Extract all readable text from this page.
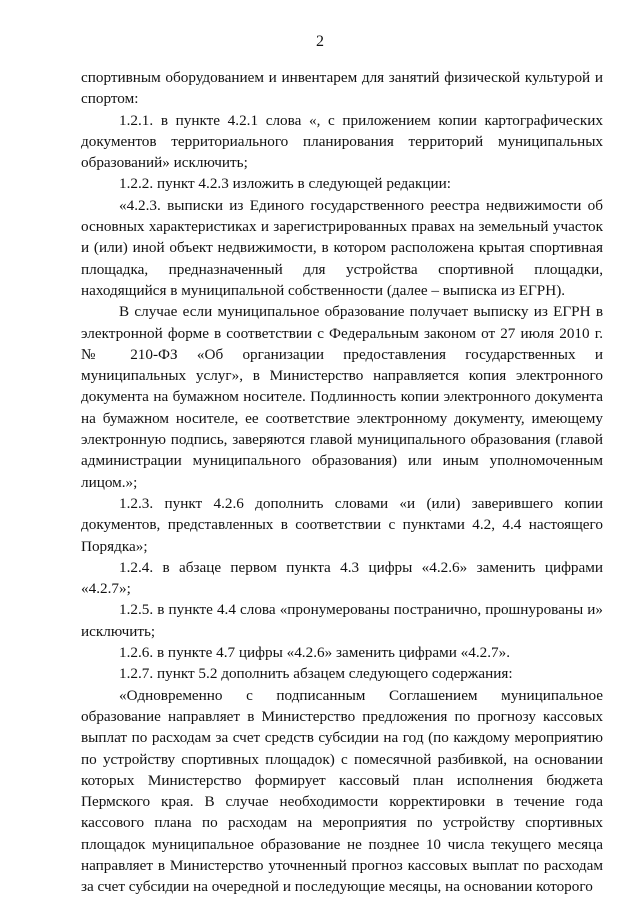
2

спортивным оборудованием и инвентарем для занятий физической культурой и спортом:

1.2.1. в пункте 4.2.1 слова «, с приложением копии картографических документов территориального планирования территорий муниципальных образований» исключить;

1.2.2. пункт 4.2.3 изложить в следующей редакции:

«4.2.3. выписки из Единого государственного реестра недвижимости об основных характеристиках и зарегистрированных правах на земельный участок и (или) иной объект недвижимости, в котором расположена крытая спортивная площадка, предназначенный для устройства спортивной площадки, находящийся в муниципальной собственности (далее – выписка из ЕГРН).

В случае если муниципальное образование получает выписку из ЕГРН в электронной форме в соответствии с Федеральным законом от 27 июля 2010 г. № 210-ФЗ «Об организации предоставления государственных и муниципальных услуг», в Министерство направляется копия электронного документа на бумажном носителе. Подлинность копии электронного документа на бумажном носителе, ее соответствие электронному документу, имеющему электронную подпись, заверяются главой муниципального образования (главой администрации муниципального образования) или иным уполномоченным лицом.»;

1.2.3. пункт 4.2.6 дополнить словами «и (или) заверившего копии документов, представленных в соответствии с пунктами 4.2, 4.4 настоящего Порядка»;

1.2.4. в абзаце первом пункта 4.3 цифры «4.2.6» заменить цифрами «4.2.7»;

1.2.5. в пункте 4.4 слова «пронумерованы постранично, прошнурованы и» исключить;

1.2.6. в пункте 4.7 цифры «4.2.6» заменить цифрами «4.2.7».

1.2.7. пункт 5.2 дополнить абзацем следующего содержания:

«Одновременно с подписанным Соглашением муниципальное образование направляет в Министерство предложения по прогнозу кассовых выплат по расходам за счет средств субсидии на год (по каждому мероприятию по устройству спортивных площадок) с помесячной разбивкой, на основании которых Министерство формирует кассовый план исполнения бюджета Пермского края. В случае необходимости корректировки в течение года кассового плана по расходам на мероприятия по устройству спортивных площадок муниципальное образование не позднее 10 числа текущего месяца направляет в Министерство уточненный прогноз кассовых выплат по расходам за счет субсидии на очередной и последующие месяцы, на основании которого
